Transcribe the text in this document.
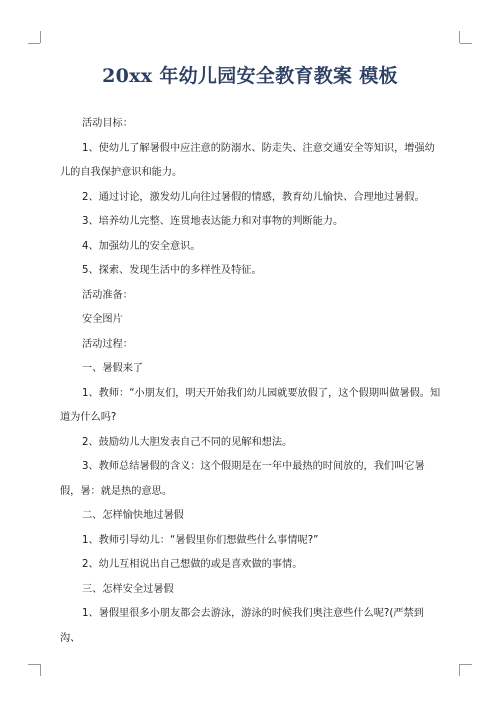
20xx 年幼儿园安全教育教案 模板

活动目标：

1、使幼儿了解暑假中应注意的防溺水、防走失、注意交通安全等知识，增强幼儿的自我保护意识和能力。

2、通过讨论，激发幼儿向往过暑假的情感，教育幼儿愉快、合理地过暑假。

3、培养幼儿完整、连贯地表达能力和对事物的判断能力。

4、加强幼儿的安全意识。

5、探索、发现生活中的多样性及特征。

活动准备：

安全图片

活动过程：

一、暑假来了

1、教师：“小朋友们，明天开始我们幼儿园就要放假了，这个假期叫做暑假。知道为什么吗?

2、鼓励幼儿大胆发表自己不同的见解和想法。

3、教师总结暑假的含义：这个假期是在一年中最热的时间放的，我们叫它暑假，暑：就是热的意思。

二、怎样愉快地过暑假

1、教师引导幼儿：“暑假里你们想做些什么事情呢?”

2、幼儿互相说出自己想做的或是喜欢做的事情。

三、怎样安全过暑假

1、暑假里很多小朋友都会去游泳，游泳的时候我们奥注意些什么呢?(严禁到沟、
